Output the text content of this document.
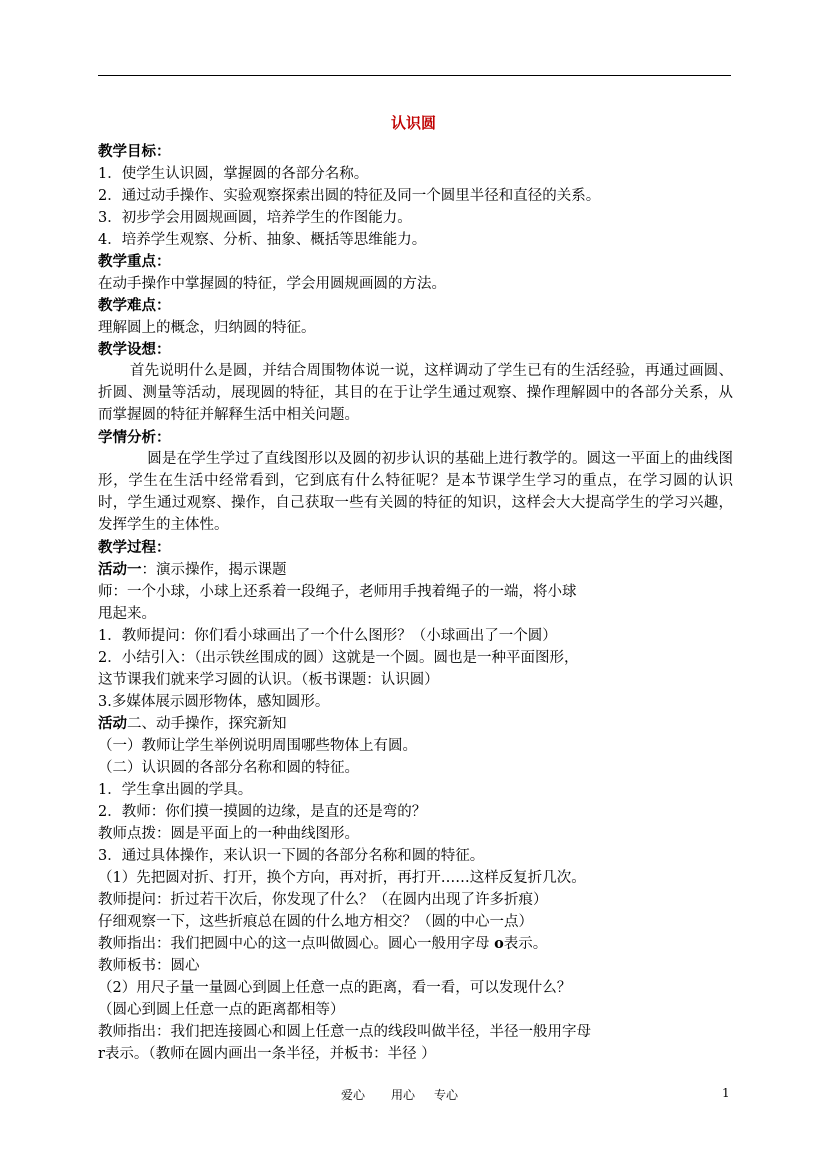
认识圆
教学目标：
1．使学生认识圆，掌握圆的各部分名称。
2．通过动手操作、实验观察探索出圆的特征及同一个圆里半径和直径的关系。
3．初步学会用圆规画圆，培养学生的作图能力。
4．培养学生观察、分析、抽象、概括等思维能力。
教学重点：
在动手操作中掌握圆的特征，学会用圆规画圆的方法。
教学难点：
理解圆上的概念，归纳圆的特征。
教学设想：
首先说明什么是圆，并结合周围物体说一说，这样调动了学生已有的生活经验，再通过画圆、折圆、测量等活动，展现圆的特征，其目的在于让学生通过观察、操作理解圆中的各部分关系，从而掌握圆的特征并解释生活中相关问题。
学情分析：
圆是在学生学过了直线图形以及圆的初步认识的基础上进行教学的。圆这一平面上的曲线图形，学生在生活中经常看到，它到底有什么特征呢？是本节课学生学习的重点，在学习圆的认识时，学生通过观察、操作，自己获取一些有关圆的特征的知识，这样会大大提高学生的学习兴趣，发挥学生的主体性。
教学过程：
活动一：演示操作，揭示课题
师：一个小球，小球上还系着一段绳子，老师用手拽着绳子的一端，将小球
甩起来。
1．教师提问：你们看小球画出了一个什么图形？（小球画出了一个圆）
2．小结引入：（出示铁丝围成的圆）这就是一个圆。圆也是一种平面图形，
这节课我们就来学习圆的认识。（板书课题：认识圆）
3.多媒体展示圆形物体，感知圆形。
活动二、动手操作，探究新知
（一）教师让学生举例说明周围哪些物体上有圆。
（二）认识圆的各部分名称和圆的特征。
1．学生拿出圆的学具。
2．教师：你们摸一摸圆的边缘，是直的还是弯的？
教师点拨：圆是平面上的一种曲线图形。
3．通过具体操作，来认识一下圆的各部分名称和圆的特征。
（1）先把圆对折、打开，换个方向，再对折，再打开……这样反复折几次。
教师提问：折过若干次后，你发现了什么？（在圆内出现了许多折痕）
仔细观察一下，这些折痕总在圆的什么地方相交？（圆的中心一点）
教师指出：我们把圆中心的这一点叫做圆心。圆心一般用字母 o表示。
教师板书：圆心
（2）用尺子量一量圆心到圆上任意一点的距离，看一看，可以发现什么？
（圆心到圆上任意一点的距离都相等）
教师指出：我们把连接圆心和圆上任意一点的线段叫做半径，半径一般用字母
r表示。（教师在圆内画出一条半径，并板书：半径 ）
爱心 用心 专心	1
